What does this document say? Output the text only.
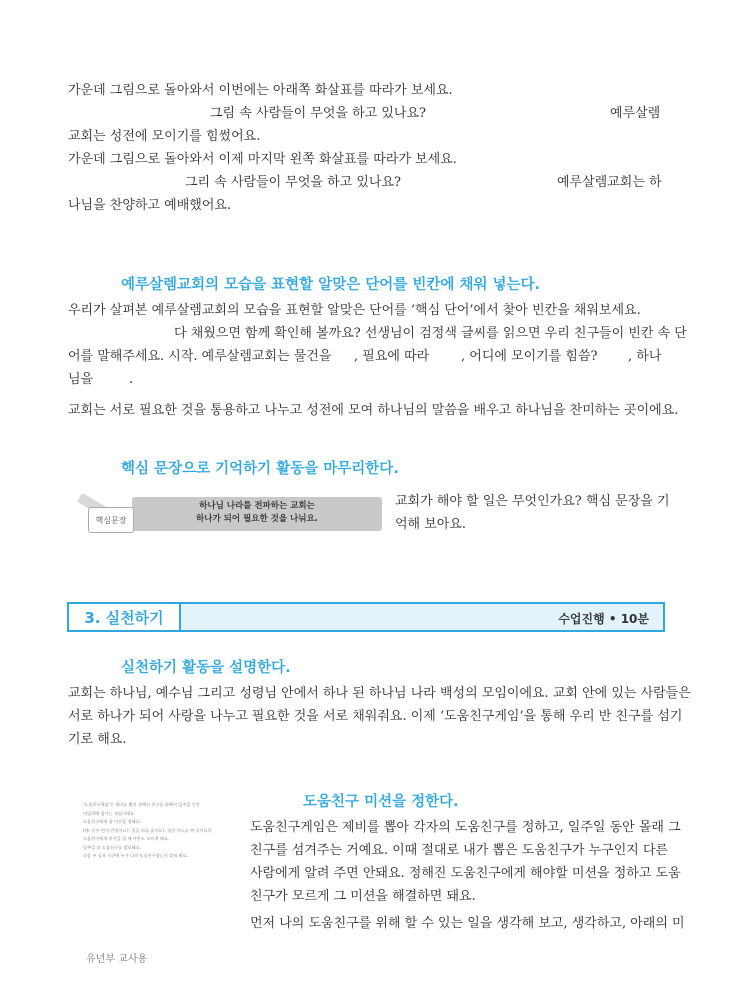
가운데 그림으로 돌아와서 이번에는 아래쪽 화살표를 따라가 보세요.
그림 속 사람들이 무엇을 하고 있나요?	예루살렘
교회는 성전에 모이기를 힘썼어요.
가운데 그림으로 돌아와서 이제 마지막 왼쪽 화살표를 따라가 보세요.
그리 속 사람들이 무엇을 하고 있나요?	예루살렘교회는 하
나님을 찬양하고 예배했어요.
예루살렘교회의 모습을 표현할 알맞은 단어를 빈칸에 채워 넣는다.
우리가 살펴본 예루살렘교회의 모습을 표현할 알맞은 단어를 ‘핵심 단어’에서 찾아 빈칸을 채워보세요.
다 채웠으면 함께 확인해 볼까요? 선생님이 검정색 글씨를 읽으면 우리 친구들이 빈칸 속 단
어를 말해주세요. 시작. 예루살렘교회는 물건을 , 필요에 따라 , 어디에 모이기를 힘씀? , 하나
님을	.
교회는 서로 필요한 것을 통용하고 나누고 성전에 모여 하나님의 말씀을 배우고 하나님을 찬미하는 곳이에요.
핵심 문장으로 기억하기 활동을 마무리한다.
핵심문장
하나님 나라를 전파하는 교회는
하나가 되어 필요한 것을 나눠요.
교회가 해야 할 일은 무엇인가요? 핵심 문장을 기
억해 보아요.
3. 실천하기	수업진행 • 10분
실천하기 활동을 설명한다.
교회는 하나님, 예수님 그리고 성령님 안에서 하나 된 하나님 나라 백성의 모임이에요. 교회 안에 있는 사람들은
서로 하나가 되어 사랑을 나누고 필요한 것을 서로 채워줘요. 이제 ‘도움친구게임’을 통해 우리 반 친구를 섬기
기로 해요.
도움친구 미션을 정한다.
'도움친구게임'은 제비를 뽑아 정해진 친구를 위해서 일주일 동안
비밀리에 섬기는 게임이에요.
도움친구에게 할 미션을 정해요.
(예: 인사 먼저 건넬까요?, 물을 떠다 줄까요?, 칭찬 카드를 써 줄까요?)
도움친구에게 미션을 할 때 아무도 모르게 해요.
일주일 뒤 도움친구를 발표해요.
다음 주 공과 시간에 누가 나의 도움친구였는지 맞혀 봐요.
도움친구게임은 제비를 뽑아 각자의 도움친구를 정하고, 일주일 동안 몰래 그
친구를 섬겨주는 거예요. 이때 절대로 내가 뽑은 도움친구가 누구인지 다른
사람에게 알려 주면 안돼요. 정해진 도움친구에게 해야할 미션을 정하고 도움
친구가 모르게 그 미션을 해결하면 돼요.
먼저 나의 도움친구를 위해 할 수 있는 일을 생각해 보고, 생각하고, 아래의 미
유년부 교사용
